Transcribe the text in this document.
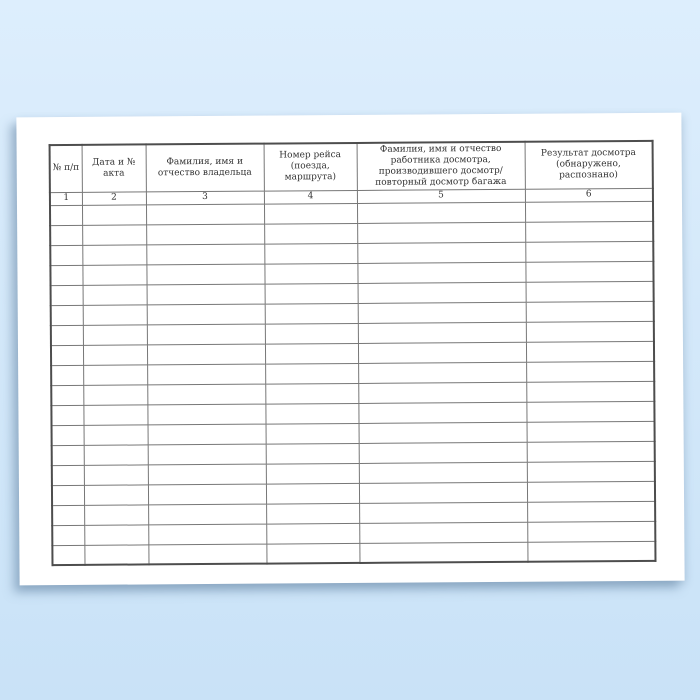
№ п/п	Дата и № акта	Фамилия, имя и отчество владельца	Номер рейса (поезда, маршрута)	Фамилия, имя и отчество работника досмотра, производившего досмотр/повторный досмотр багажа	Результат досмотра (обнаружено, распознано)
1	2	3	4	5	6
